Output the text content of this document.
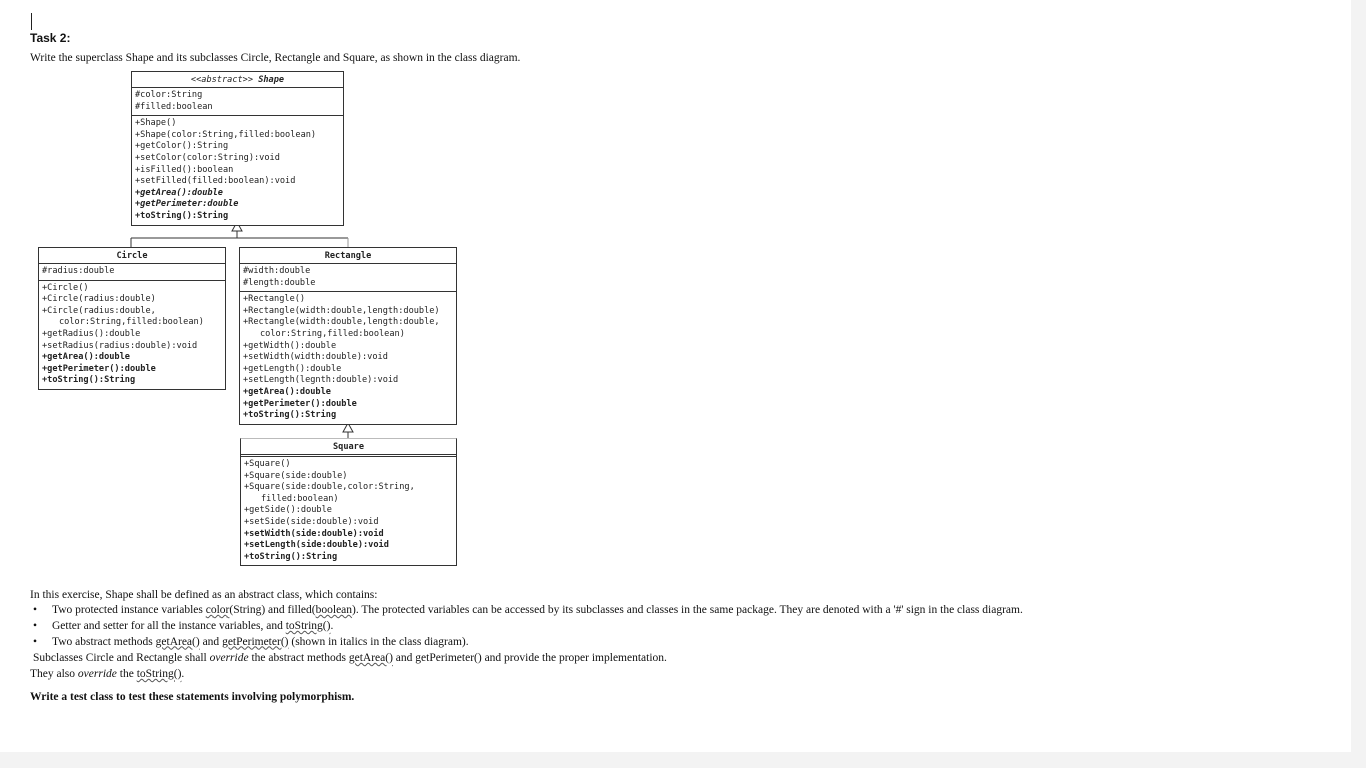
Task 2:
Write the superclass Shape and its subclasses Circle, Rectangle and Square, as shown in the class diagram.
<<abstract>> Shape
#color:String
#filled:boolean
+Shape()
+Shape(color:String,filled:boolean)
+getColor():String
+setColor(color:String):void
+isFilled():boolean
+setFilled(filled:boolean):void
+getArea():double
+getPerimeter:double
+toString():String
Circle
#radius:double
+Circle()
+Circle(radius:double)
+Circle(radius:double,
color:String,filled:boolean)
+getRadius():double
+setRadius(radius:double):void
+getArea():double
+getPerimeter():double
+toString():String
Rectangle
#width:double
#length:double
+Rectangle()
+Rectangle(width:double,length:double)
+Rectangle(width:double,length:double,
color:String,filled:boolean)
+getWidth():double
+setWidth(width:double):void
+getLength():double
+setLength(legnth:double):void
+getArea():double
+getPerimeter():double
+toString():String
Square
+Square()
+Square(side:double)
+Square(side:double,color:String,
filled:boolean)
+getSide():double
+setSide(side:double):void
+setWidth(side:double):void
+setLength(side:double):void
+toString():String
In this exercise, Shape shall be defined as an abstract class, which contains:
• Two protected instance variables color(String) and filled(boolean). The protected variables can be accessed by its subclasses and classes in the same package. They are denoted with a '#' sign in the class diagram.
• Getter and setter for all the instance variables, and toString().
• Two abstract methods getArea() and getPerimeter() (shown in italics in the class diagram).
Subclasses Circle and Rectangle shall override the abstract methods getArea() and getPerimeter() and provide the proper implementation.
They also override the toString().
Write a test class to test these statements involving polymorphism.
